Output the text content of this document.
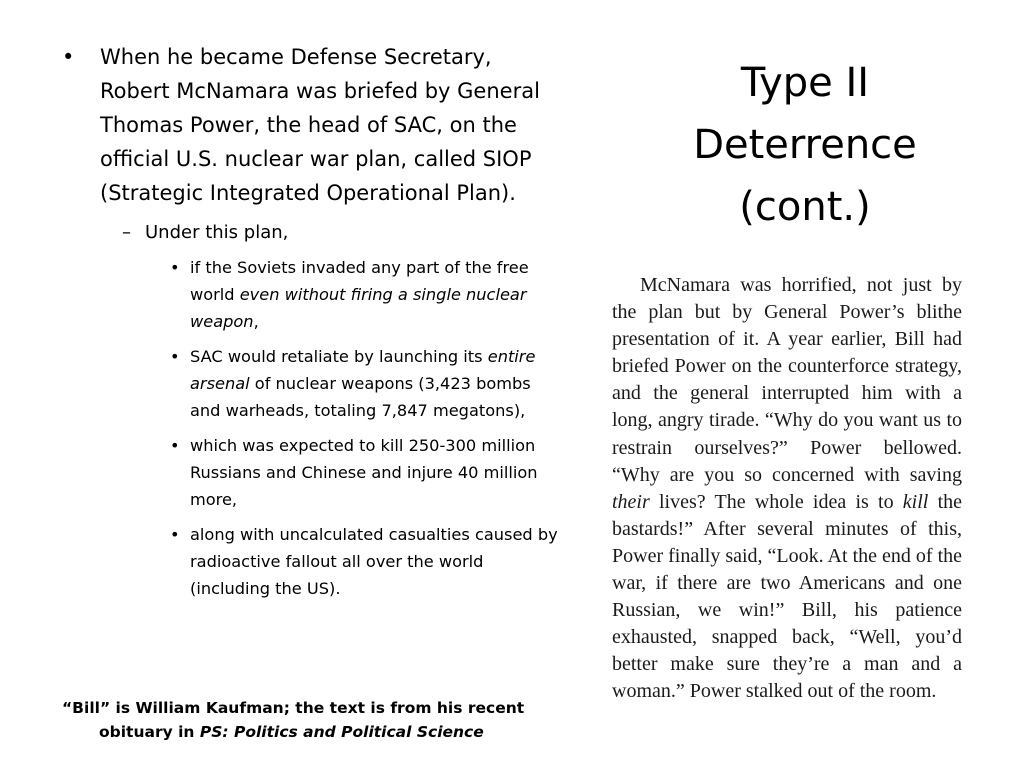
• When he became Defense Secretary, Robert McNamara was briefed by General Thomas Power, the head of SAC, on the official U.S. nuclear war plan, called SIOP (Strategic Integrated Operational Plan).
– Under this plan,
• if the Soviets invaded any part of the free world even without firing a single nuclear weapon,
• SAC would retaliate by launching its entire arsenal of nuclear weapons (3,423 bombs and warheads, totaling 7,847 megatons),
• which was expected to kill 250-300 million Russians and Chinese and injure 40 million more,
• along with uncalculated casualties caused by radioactive fallout all over the world (including the US).
Type II
Deterrence
(cont.)
McNamara was horrified, not just by the plan but by General Power’s blithe presentation of it. A year earlier, Bill had briefed Power on the counterforce strategy, and the general interrupted him with a long, angry tirade. “Why do you want us to restrain ourselves?” Power bellowed. “Why are you so concerned with saving their lives? The whole idea is to kill the bastards!” After several minutes of this, Power finally said, “Look. At the end of the war, if there are two Americans and one Russian, we win!” Bill, his patience exhausted, snapped back, “Well, you’d better make sure they’re a man and a woman.” Power stalked out of the room.
“Bill” is William Kaufman; the text is from his recent obituary in PS: Politics and Political Science
